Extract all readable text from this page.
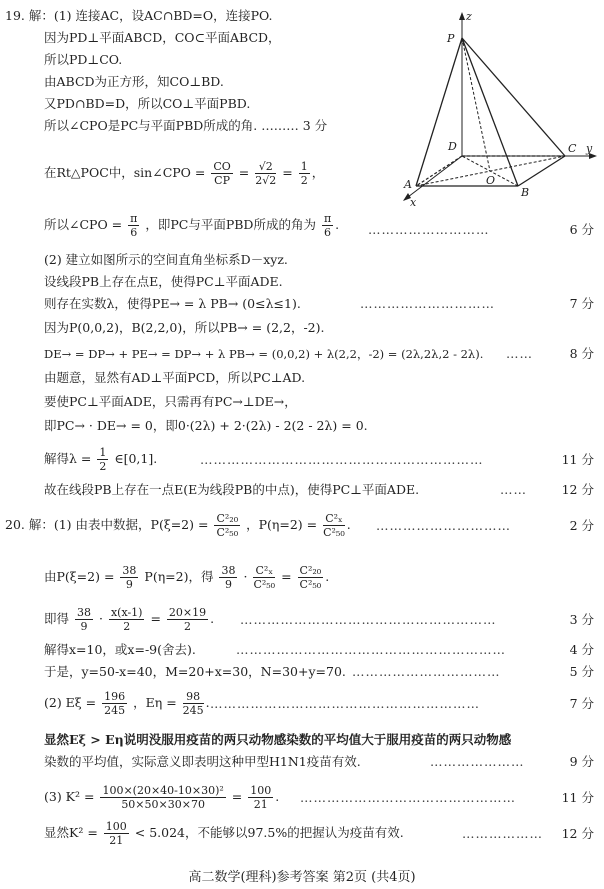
19. 解：(1) 连接AC，设AC∩BD=O，连接PO.
因为PD⊥平面ABCD，CO⊂平面ABCD，
所以PD⊥CO.
由ABCD为正方形，知CO⊥BD.
又PD∩BD=D，所以CO⊥平面PBD.
所以∠CPO是PC与平面PBD所成的角. ……… 3 分
在Rt△POC中，sin∠CPO = $\frac{CO}{CP} = \frac{√2}{2√2} = \frac{1}{2}$ ，
所以∠CPO = $\frac{\pi}{6}$ ，即PC与平面PBD所成的角为 $\frac{\pi}{6}$ . ………………………	6 分
(2) 建立如图所示的空间直角坐标系D－xyz.
设线段PB上存在点E，使得PC⊥平面ADE.
则存在实数λ，使得PE→ = λ PB→ (0≤λ≤1).	…………………………	7 分
因为P(0,0,2)，B(2,2,0)，所以PB→ = (2,2，-2).
DE→ = DP→ + PE→ = DP→ + λ PB→ = (0,0,2) + λ(2,2，-2) = (2λ,2λ,2 - 2λ). ……	8 分
由题意，显然有AD⊥平面PCD，所以PC⊥AD.
要使PC⊥平面ADE，只需再有PC→⊥DE→，
即PC→ · DE→ = 0，即0·(2λ) + 2·(2λ) - 2(2 - 2λ) = 0.
解得$\lambda = \frac{1}{2}$ ∈[0,1].	………………………………………………………	11 分
故在线段PB上存在一点E(E为线段PB的中点)，使得PC⊥平面ADE.	……	12 分
20. 解：(1) 由表中数据，$P(\xi=2) = \frac{\text{C²₂₀}}{\text{C²₅₀}}$ ，$P(\eta=2) = \frac{\text{C²ₓ}}{\text{C²₅₀}}$ . …………………………	2 分
由$P(\xi=2) = \frac{38}{9} P(\eta=2)$，得 $\frac{38}{9} \cdot \frac{\text{C²ₓ}}{\text{C²₅₀}} = \frac{\text{C²₂₀}}{\text{C²₅₀}}$ .
即得 $\frac{38}{9} \cdot \frac{x(x-1)}{2} = \frac{20\times 19}{2}$ . …………………………………………………	3 分
解得x=10，或x=-9(舍去).	……………………………………………………	4 分
于是，y=50-x=40，M=20+x=30，N=30+y=70. ……………………………	5 分
(2) $E\xi = \frac{196}{245}$ ，$E\eta = \frac{98}{245}$ . ……………………………………………………	7 分
显然Eξ > Eη说明没服用疫苗的两只动物感染数的平均值大于服用疫苗的两只动物感
染数的平均值，实际意义即表明这种甲型H1N1疫苗有效.	…………………	9 分
(3) $K^2 = \frac{\text{100×(20×40-10×30)²}}{50\times 50\times 30\times 70} = \frac{100}{21}$ . …………………………………………	11 分
显然$K^2 = \frac{100}{21} < 5.024$，不能够以97.5%的把握认为疫苗有效.	……………… 12 分
高二数学(理科)参考答案 第2页 (共4页)
z
P
D	C y
O
A
B
x
